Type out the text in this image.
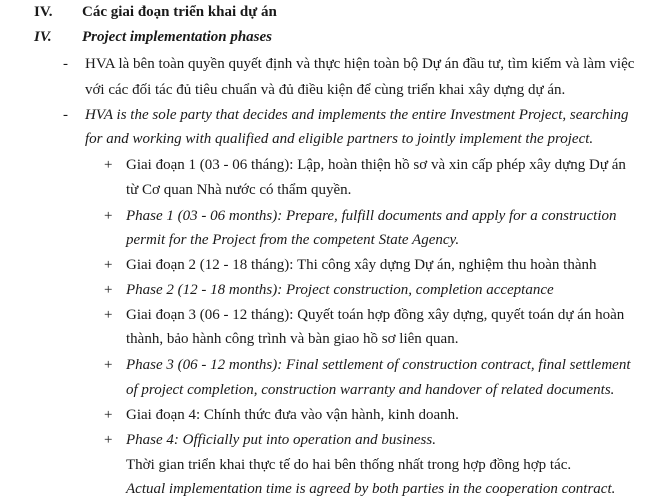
IV. Các giai đoạn triển khai dự án
IV. Project implementation phases
- HVA là bên toàn quyền quyết định và thực hiện toàn bộ Dự án đầu tư, tìm kiếm và làm việc
với các đối tác đủ tiêu chuẩn và đủ điều kiện để cùng triển khai xây dựng dự án.
- HVA is the sole party that decides and implements the entire Investment Project, searching
for and working with qualified and eligible partners to jointly implement the project.
+ Giai đoạn 1 (03 - 06 tháng): Lập, hoàn thiện hồ sơ và xin cấp phép xây dựng Dự án
từ Cơ quan Nhà nước có thẩm quyền.
+ Phase 1 (03 - 06 months): Prepare, fulfill documents and apply for a construction
permit for the Project from the competent State Agency.
+ Giai đoạn 2 (12 - 18 tháng): Thi công xây dựng Dự án, nghiệm thu hoàn thành
+ Phase 2 (12 - 18 months): Project construction, completion acceptance
+ Giai đoạn 3 (06 - 12 tháng): Quyết toán hợp đồng xây dựng, quyết toán dự án hoàn
thành, bảo hành công trình và bàn giao hồ sơ liên quan.
+ Phase 3 (06 - 12 months): Final settlement of construction contract, final settlement
of project completion, construction warranty and handover of related documents.
+ Giai đoạn 4: Chính thức đưa vào vận hành, kinh doanh.
+ Phase 4: Officially put into operation and business.
Thời gian triển khai thực tế do hai bên thống nhất trong hợp đồng hợp tác.
Actual implementation time is agreed by both parties in the cooperation contract.
